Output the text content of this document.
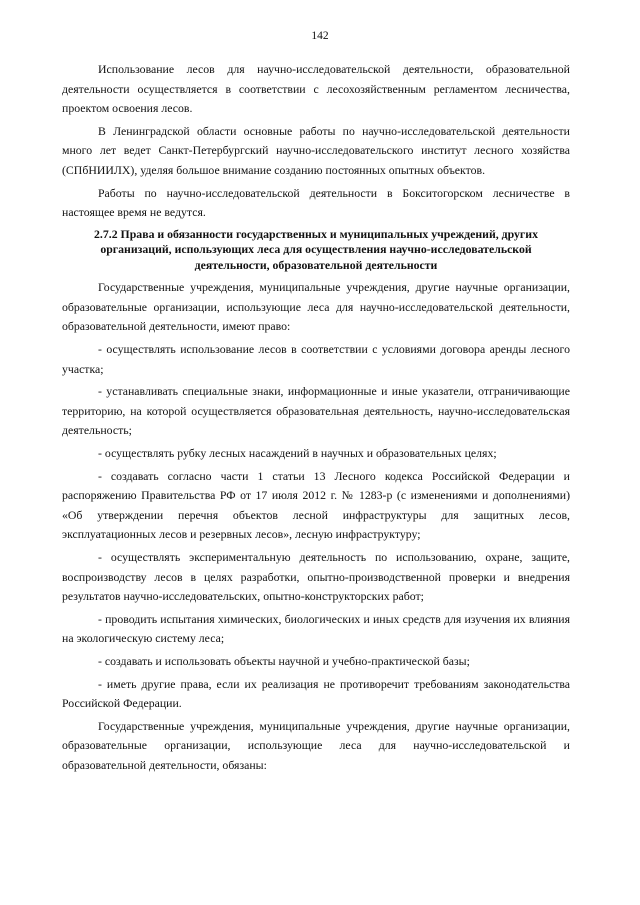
142

Использование лесов для научно-исследовательской деятельности, образовательной деятельности осуществляется в соответствии с лесохозяйственным регламентом лесничества, проектом освоения лесов.

В Ленинградской области основные работы по научно-исследовательской деятельности много лет ведет Санкт-Петербургский научно-исследовательского институт лесного хозяйства (СПбНИИЛХ), уделяя большое внимание созданию постоянных опытных объектов.

Работы по научно-исследовательской деятельности в Бокситогорском лесничестве в настоящее время не ведутся.

2.7.2 Права и обязанности государственных и муниципальных учреждений, других организаций, использующих леса для осуществления научно-исследовательской деятельности, образовательной деятельности

Государственные учреждения, муниципальные учреждения, другие научные организации, образовательные организации, использующие леса для научно-исследовательской деятельности, образовательной деятельности, имеют право:

- осуществлять использование лесов в соответствии с условиями договора аренды лесного участка;

- устанавливать специальные знаки, информационные и иные указатели, отграничивающие территорию, на которой осуществляется образовательная деятельность, научно-исследовательская деятельность;

- осуществлять рубку лесных насаждений в научных и образовательных целях;

- создавать согласно части 1 статьи 13 Лесного кодекса Российской Федерации и распоряжению Правительства РФ от 17 июля 2012 г. № 1283-р (с изменениями и дополнениями) «Об утверждении перечня объектов лесной инфраструктуры для защитных лесов, эксплуатационных лесов и резервных лесов», лесную инфраструктуру;

- осуществлять экспериментальную деятельность по использованию, охране, защите, воспроизводству лесов в целях разработки, опытно-производственной проверки и внедрения результатов научно-исследовательских, опытно-конструкторских работ;

- проводить испытания химических, биологических и иных средств для изучения их влияния на экологическую систему леса;

- создавать и использовать объекты научной и учебно-практической базы;

- иметь другие права, если их реализация не противоречит требованиям законодательства Российской Федерации.

Государственные учреждения, муниципальные учреждения, другие научные организации, образовательные организации, использующие леса для научно-исследовательской и образовательной деятельности, обязаны:
